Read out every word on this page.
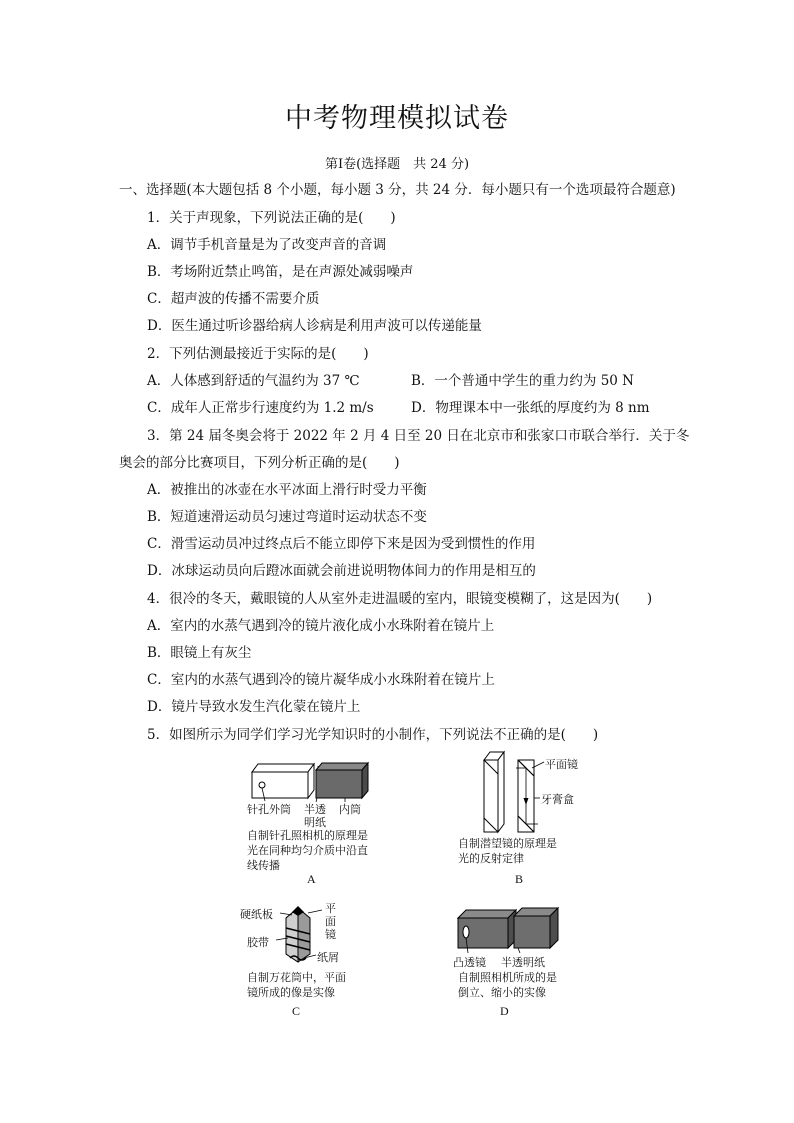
中考物理模拟试卷
第Ⅰ卷(选择题　共 24 分)
一、选择题(本大题包括 8 个小题，每小题 3 分，共 24 分．每小题只有一个选项最符合题意)
1．关于声现象，下列说法正确的是(　　)
A．调节手机音量是为了改变声音的音调
B．考场附近禁止鸣笛，是在声源处减弱噪声
C．超声波的传播不需要介质
D．医生通过听诊器给病人诊病是利用声波可以传递能量
2．下列估测最接近于实际的是(　　)
A．人体感到舒适的气温约为 37 ℃	B．一个普通中学生的重力约为 50 N
C．成年人正常步行速度约为 1.2 m/s	D．物理课本中一张纸的厚度约为 8 nm
3．第 24 届冬奥会将于 2022 年 2 月 4 日至 20 日在北京市和张家口市联合举行．关于冬
奥会的部分比赛项目，下列分析正确的是(　　)
A．被推出的冰壶在水平冰面上滑行时受力平衡
B．短道速滑运动员匀速过弯道时运动状态不变
C．滑雪运动员冲过终点后不能立即停下来是因为受到惯性的作用
D．冰球运动员向后蹬冰面就会前进说明物体间力的作用是相互的
4．很冷的冬天，戴眼镜的人从室外走进温暖的室内，眼镜变模糊了，这是因为(　　)
A．室内的水蒸气遇到冷的镜片液化成小水珠附着在镜片上
B．眼镜上有灰尘
C．室内的水蒸气遇到冷的镜片凝华成小水珠附着在镜片上
D．镜片导致水发生汽化蒙在镜片上
5．如图所示为同学们学习光学知识时的小制作，下列说法不正确的是(　　)
针孔外筒 半透
明纸
内筒
自制针孔照相机的原理是
光在同种均匀介质中沿直
线传播
A
平面镜
牙膏盒
自制潜望镜的原理是
光的反射定律
B
硬纸板	平
面
镜
胶带
纸屑
自制万花筒中，平面
镜所成的像是实像
C
凸透镜 半透明纸
自制照相机所成的是
倒立、缩小的实像
D
